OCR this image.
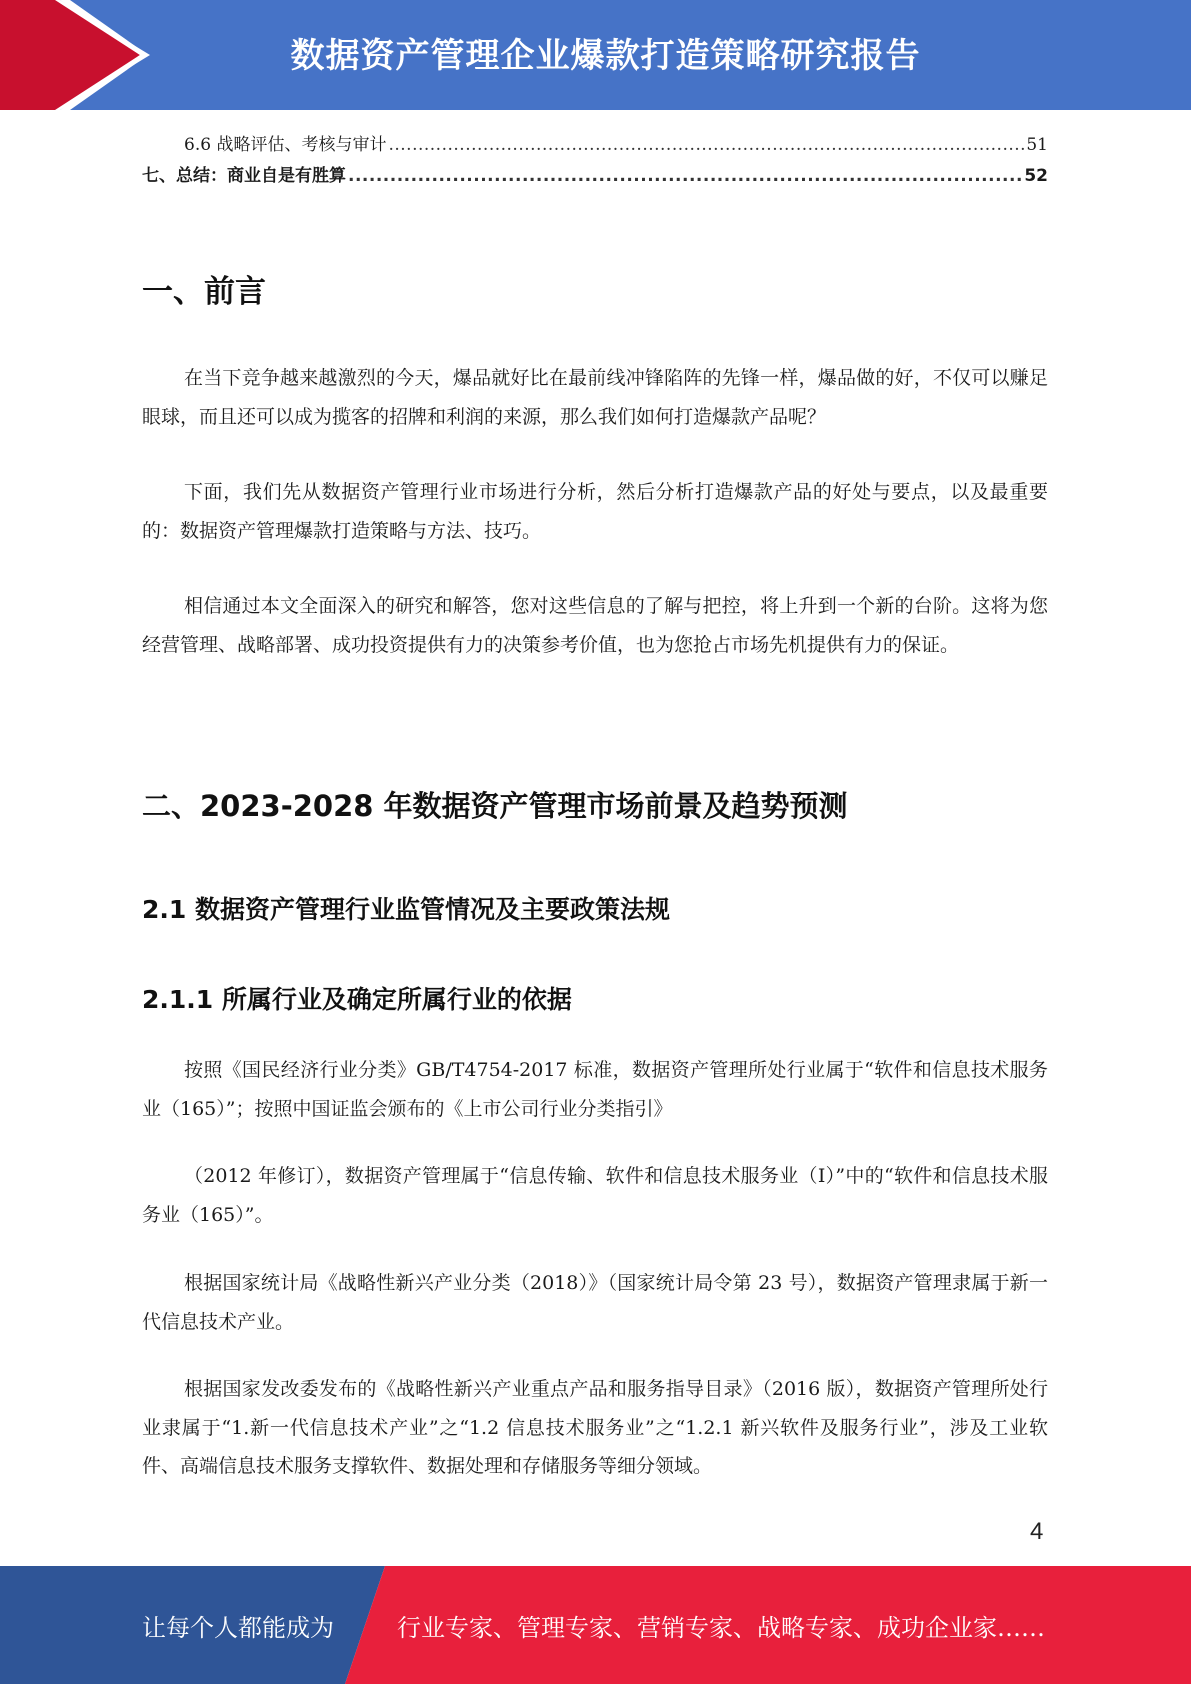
数据资产管理企业爆款打造策略研究报告
6.6 战略评估、考核与审计 .....	51
七、总结：商业自是有胜算 .....	52
一、前言

在当下竞争越来越激烈的今天，爆品就好比在最前线冲锋陷阵的先锋一样，爆品做的好，不仅可以赚足眼球，而且还可以成为揽客的招牌和利润的来源，那么我们如何打造爆款产品呢？

下面，我们先从数据资产管理行业市场进行分析，然后分析打造爆款产品的好处与要点，以及最重要的：数据资产管理爆款打造策略与方法、技巧。

相信通过本文全面深入的研究和解答，您对这些信息的了解与把控，将上升到一个新的台阶。这将为您经营管理、战略部署、成功投资提供有力的决策参考价值，也为您抢占市场先机提供有力的保证。

二、2023-2028 年数据资产管理市场前景及趋势预测
2.1 数据资产管理行业监管情况及主要政策法规
2.1.1 所属行业及确定所属行业的依据

按照《国民经济行业分类》GB/T4754-2017 标准，数据资产管理所处行业属于“软件和信息技术服务业（165）”；按照中国证监会颁布的《上市公司行业分类指引》

（2012 年修订），数据资产管理属于“信息传输、软件和信息技术服务业（I）”中的“软件和信息技术服务业（165）”。

根据国家统计局《战略性新兴产业分类（2018）》（国家统计局令第 23 号），数据资产管理隶属于新一代信息技术产业。

根据国家发改委发布的《战略性新兴产业重点产品和服务指导目录》（2016 版），数据资产管理所处行业隶属于“1.新一代信息技术产业”之“1.2 信息技术服务业”之“1.2.1 新兴软件及服务行业”，涉及工业软件、高端信息技术服务支撑软件、数据处理和存储服务等细分领域。

4
让每个人都能成为	行业专家、管理专家、营销专家、战略专家、成功企业家……
